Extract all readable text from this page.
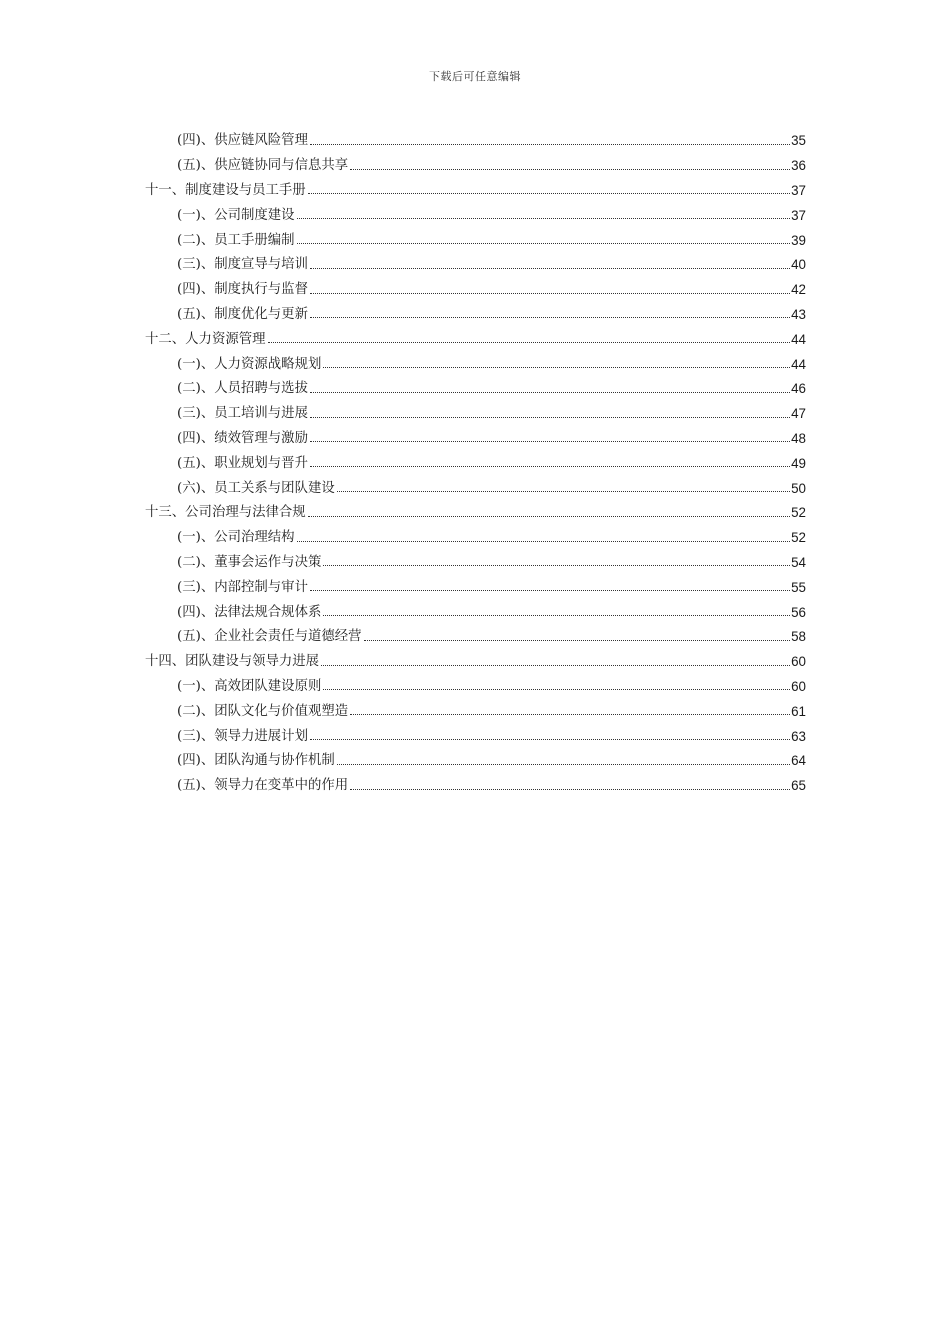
下载后可任意编辑
(四)、供应链风险管理	35
(五)、供应链协同与信息共享	36
十一、制度建设与员工手册	37
(一)、公司制度建设	37
(二)、员工手册编制	39
(三)、制度宣导与培训	40
(四)、制度执行与监督	42
(五)、制度优化与更新	43
十二、人力资源管理	44
(一)、人力资源战略规划	44
(二)、人员招聘与选拔	46
(三)、员工培训与进展	47
(四)、绩效管理与激励	48
(五)、职业规划与晋升	49
(六)、员工关系与团队建设	50
十三、公司治理与法律合规	52
(一)、公司治理结构	52
(二)、董事会运作与决策	54
(三)、内部控制与审计	55
(四)、法律法规合规体系	56
(五)、企业社会责任与道德经营	58
十四、团队建设与领导力进展	60
(一)、高效团队建设原则	60
(二)、团队文化与价值观塑造	61
(三)、领导力进展计划	63
(四)、团队沟通与协作机制	64
(五)、领导力在变革中的作用	65
